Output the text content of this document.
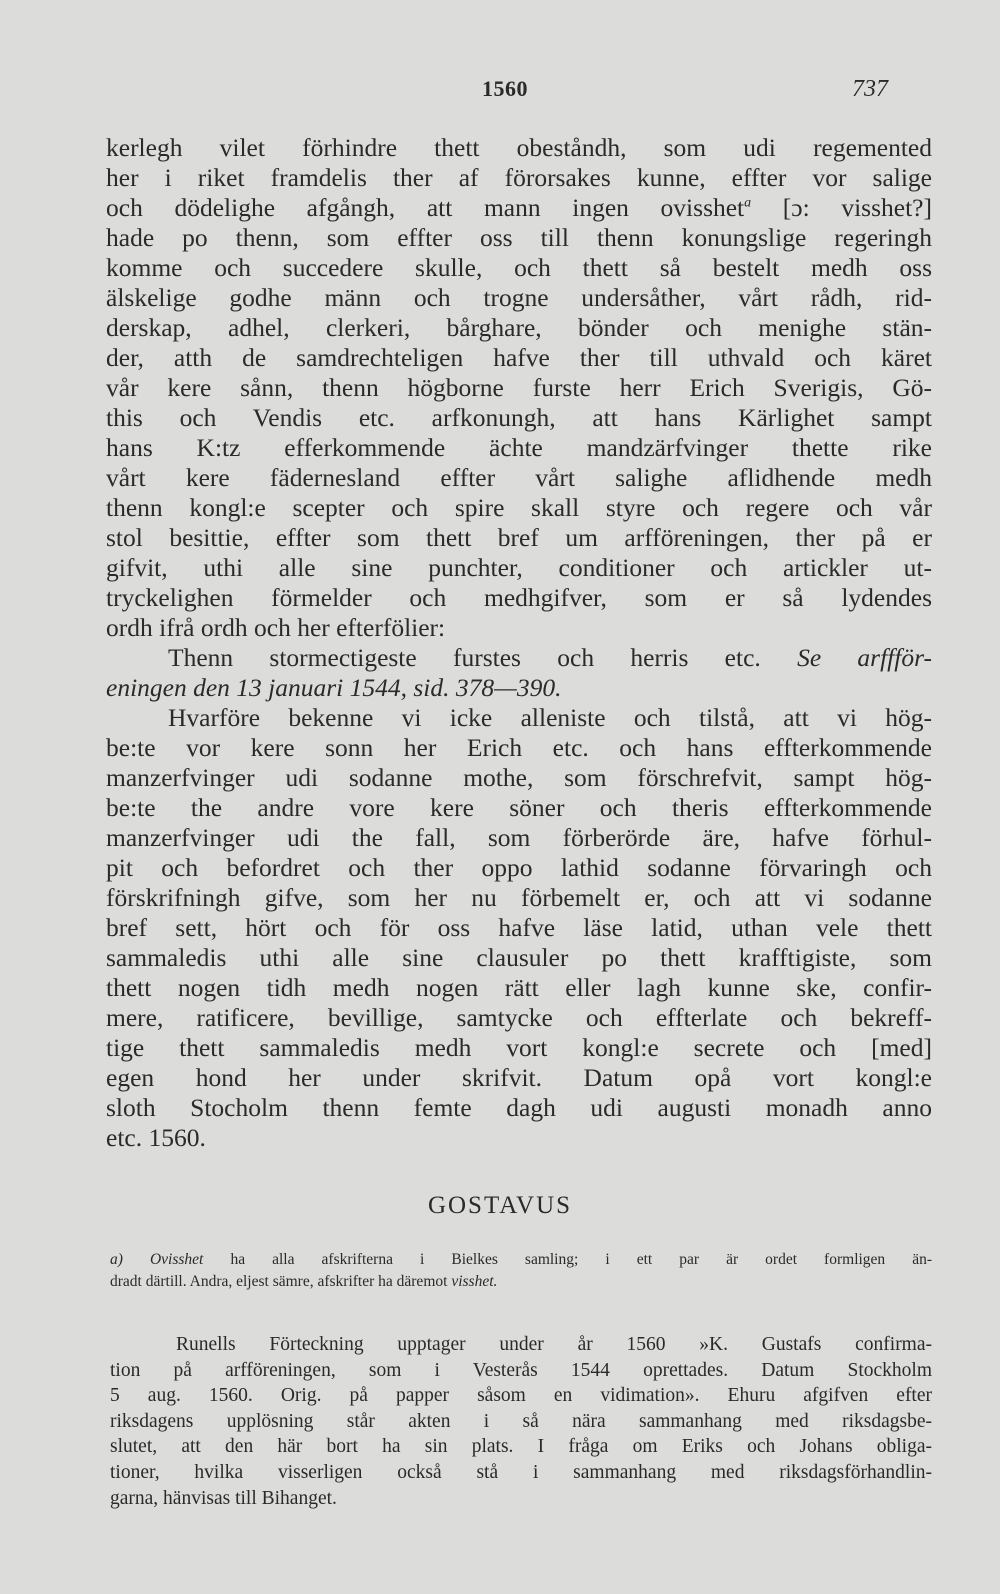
1560	737
kerlegh vilet förhindre thett obeståndh, som udi regemented
her i riket framdelis ther af förorsakes kunne, effter vor salige
och dödelighe afgångh, att mann ingen ovisshet$^a$ [ɔ: visshet?]
hade po thenn, som effter oss till thenn konungslige regeringh
komme och succedere skulle, och thett så bestelt medh oss
älskelige godhe männ och trogne undersåther, vårt rådh, rid-
derskap, adhel, clerkeri, bårghare, bönder och menighe stän-
der, atth de samdrechteligen hafve ther till uthvald och käret
vår kere sånn, thenn högborne furste herr Erich Sverigis, Gö-
this och Vendis etc. arfkonungh, att hans Kärlighet sampt
hans K:tz efferkommende ächte mandzärfvinger thette rike
vårt kere fädernesland effter vårt salighe aflidhende medh
thenn kongl:e scepter och spire skall styre och regere och vår
stol besittie, effter som thett bref um arfföreningen, ther på er
gifvit, uthi alle sine punchter, conditioner och artickler ut-
tryckelighen förmelder och medhgifver, som er så lydendes
ordh ifrå ordh och her efterfölier:
Thenn stormectigeste furstes och herris etc. Se arffför-
eningen den 13 januari 1544, sid. 378—390.
Hvarföre bekenne vi icke alleniste och tilstå, att vi hög-
be:te vor kere sonn her Erich etc. och hans effterkommende
manzerfvinger udi sodanne mothe, som förschrefvit, sampt hög-
be:te the andre vore kere söner och theris effterkommende
manzerfvinger udi the fall, som förberörde äre, hafve förhul-
pit och befordret och ther oppo lathid sodanne förvaringh och
förskrifningh gifve, som her nu förbemelt er, och att vi sodanne
bref sett, hört och för oss hafve läse latid, uthan vele thett
sammaledis uthi alle sine clausuler po thett krafftigiste, som
thett nogen tidh medh nogen rätt eller lagh kunne ske, confir-
mere, ratificere, bevillige, samtycke och effterlate och bekreff-
tige thett sammaledis medh vort kongl:e secrete och [med]
egen hond her under skrifvit. Datum opå vort kongl:e
sloth Stocholm thenn femte dagh udi augusti monadh anno
etc. 1560.
GOSTAVUS
a) Ovisshet ha alla afskrifterna i Bielkes samling; i ett par är ordet formligen än-
dradt därtill. Andra, eljest sämre, afskrifter ha däremot visshet.
Runells Förteckning upptager under år 1560 »K. Gustafs confirma-
tion på arfföreningen, som i Vesterås 1544 oprettades. Datum Stockholm
5 aug. 1560. Orig. på papper såsom en vidimation». Ehuru afgifven efter
riksdagens upplösning står akten i så nära sammanhang med riksdagsbe-
slutet, att den här bort ha sin plats. I fråga om Eriks och Johans obliga-
tioner, hvilka visserligen också stå i sammanhang med riksdagsförhandlin-
garna, hänvisas till Bihanget.
